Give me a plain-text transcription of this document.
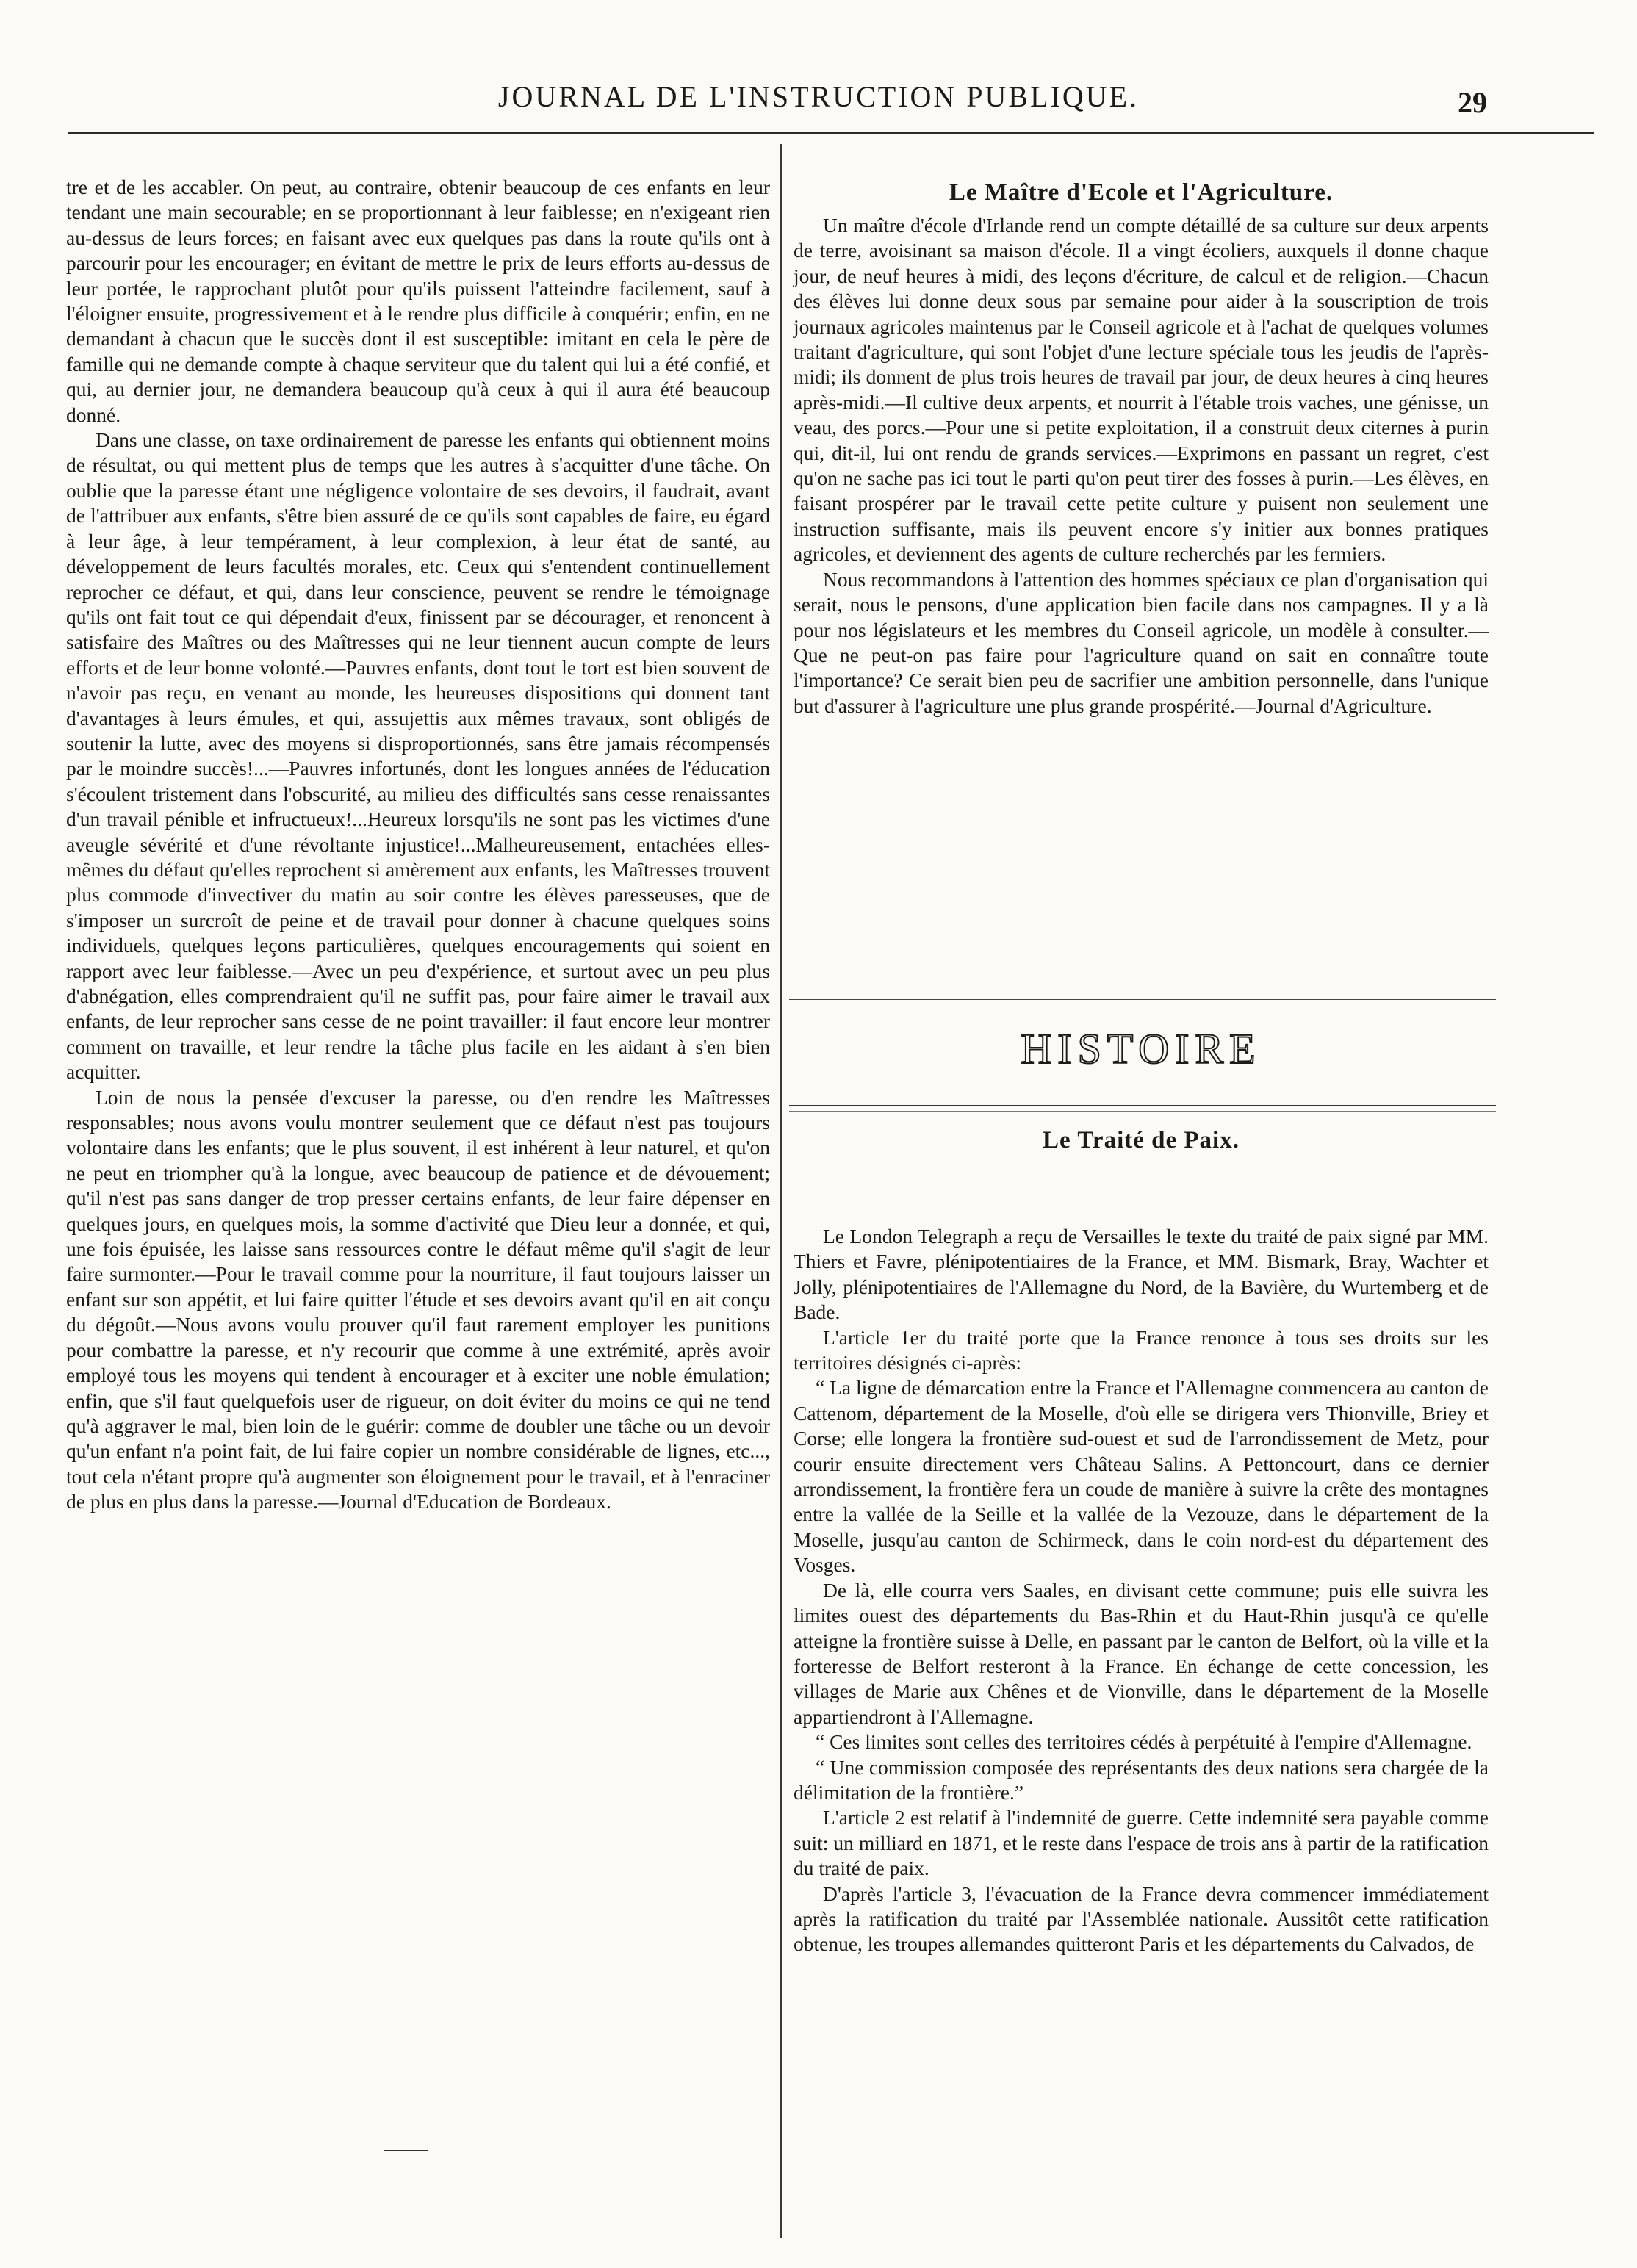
JOURNAL DE L'INSTRUCTION PUBLIQUE.	29

tre et de les accabler. On peut, au contraire, obtenir beaucoup de ces enfants en leur tendant une main secourable; en se proportionnant à leur faiblesse; en n'exigeant rien au-dessus de leurs forces; en faisant avec eux quelques pas dans la route qu'ils ont à parcourir pour les encourager; en évitant de mettre le prix de leurs efforts au-dessus de leur portée, le rapprochant plutôt pour qu'ils puissent l'atteindre facilement, sauf à l'éloigner ensuite, progressivement et à le rendre plus difficile à conquérir; enfin, en ne demandant à chacun que le succès dont il est susceptible: imitant en cela le père de famille qui ne demande compte à chaque serviteur que du talent qui lui a été confié, et qui, au dernier jour, ne demandera beaucoup qu'à ceux à qui il aura été beaucoup donné.

Dans une classe, on taxe ordinairement de paresse les enfants qui obtiennent moins de résultat, ou qui mettent plus de temps que les autres à s'acquitter d'une tâche. On oublie que la paresse étant une négligence volontaire de ses devoirs, il faudrait, avant de l'attribuer aux enfants, s'être bien assuré de ce qu'ils sont capables de faire, eu égard à leur âge, à leur tempérament, à leur complexion, à leur état de santé, au développement de leurs facultés morales, etc. Ceux qui s'entendent continuellement reprocher ce défaut, et qui, dans leur conscience, peuvent se rendre le témoignage qu'ils ont fait tout ce qui dépendait d'eux, finissent par se décourager, et renoncent à satisfaire des Maîtres ou des Maîtresses qui ne leur tiennent aucun compte de leurs efforts et de leur bonne volonté.—Pauvres enfants, dont tout le tort est bien souvent de n'avoir pas reçu, en venant au monde, les heureuses dispositions qui donnent tant d'avantages à leurs émules, et qui, assujettis aux mêmes travaux, sont obligés de soutenir la lutte, avec des moyens si disproportionnés, sans être jamais récompensés par le moindre succès!...—Pauvres infortunés, dont les longues années de l'éducation s'écoulent tristement dans l'obscurité, au milieu des difficultés sans cesse renaissantes d'un travail pénible et infructueux!...Heureux lorsqu'ils ne sont pas les victimes d'une aveugle sévérité et d'une révoltante injustice!...Malheureusement, entachées elles-mêmes du défaut qu'elles reprochent si amèrement aux enfants, les Maîtresses trouvent plus commode d'invectiver du matin au soir contre les élèves paresseuses, que de s'imposer un surcroît de peine et de travail pour donner à chacune quelques soins individuels, quelques leçons particulières, quelques encouragements qui soient en rapport avec leur faiblesse.—Avec un peu d'expérience, et surtout avec un peu plus d'abnégation, elles comprendraient qu'il ne suffit pas, pour faire aimer le travail aux enfants, de leur reprocher sans cesse de ne point travailler: il faut encore leur montrer comment on travaille, et leur rendre la tâche plus facile en les aidant à s'en bien acquitter.

Loin de nous la pensée d'excuser la paresse, ou d'en rendre les Maîtresses responsables; nous avons voulu montrer seulement que ce défaut n'est pas toujours volontaire dans les enfants; que le plus souvent, il est inhérent à leur naturel, et qu'on ne peut en triompher qu'à la longue, avec beaucoup de patience et de dévouement; qu'il n'est pas sans danger de trop presser certains enfants, de leur faire dépenser en quelques jours, en quelques mois, la somme d'activité que Dieu leur a donnée, et qui, une fois épuisée, les laisse sans ressources contre le défaut même qu'il s'agit de leur faire surmonter.—Pour le travail comme pour la nourriture, il faut toujours laisser un enfant sur son appétit, et lui faire quitter l'étude et ses devoirs avant qu'il en ait conçu du dégoût.—Nous avons voulu prouver qu'il faut rarement employer les punitions pour combattre la paresse, et n'y recourir que comme à une extrémité, après avoir employé tous les moyens qui tendent à encourager et à exciter une noble émulation; enfin, que s'il faut quelquefois user de rigueur, on doit éviter du moins ce qui ne tend qu'à aggraver le mal, bien loin de le guérir: comme de doubler une tâche ou un devoir qu'un enfant n'a point fait, de lui faire copier un nombre considérable de lignes, etc..., tout cela n'étant propre qu'à augmenter son éloignement pour le travail, et à l'enraciner de plus en plus dans la paresse.—Journal d'Education de Bordeaux.

Le Maître d'Ecole et l'Agriculture.

Un maître d'école d'Irlande rend un compte détaillé de sa culture sur deux arpents de terre, avoisinant sa maison d'école. Il a vingt écoliers, auxquels il donne chaque jour, de neuf heures à midi, des leçons d'écriture, de calcul et de religion.—Chacun des élèves lui donne deux sous par semaine pour aider à la souscription de trois journaux agricoles maintenus par le Conseil agricole et à l'achat de quelques volumes traitant d'agriculture, qui sont l'objet d'une lecture spéciale tous les jeudis de l'après-midi; ils donnent de plus trois heures de travail par jour, de deux heures à cinq heures après-midi.—Il cultive deux arpents, et nourrit à l'étable trois vaches, une génisse, un veau, des porcs.—Pour une si petite exploitation, il a construit deux citernes à purin qui, dit-il, lui ont rendu de grands services.—Exprimons en passant un regret, c'est qu'on ne sache pas ici tout le parti qu'on peut tirer des fosses à purin.—Les élèves, en faisant prospérer par le travail cette petite culture y puisent non seulement une instruction suffisante, mais ils peuvent encore s'y initier aux bonnes pratiques agricoles, et deviennent des agents de culture recherchés par les fermiers.

Nous recommandons à l'attention des hommes spéciaux ce plan d'organisation qui serait, nous le pensons, d'une application bien facile dans nos campagnes. Il y a là pour nos législateurs et les membres du Conseil agricole, un modèle à consulter.—Que ne peut-on pas faire pour l'agriculture quand on sait en connaître toute l'importance? Ce serait bien peu de sacrifier une ambition personnelle, dans l'unique but d'assurer à l'agriculture une plus grande prospérité.—Journal d'Agriculture.

HISTOIRE
Le Traité de Paix.

Le London Telegraph a reçu de Versailles le texte du traité de paix signé par MM. Thiers et Favre, plénipotentiaires de la France, et MM. Bismark, Bray, Wachter et Jolly, plénipotentiaires de l'Allemagne du Nord, de la Bavière, du Wurtemberg et de Bade.

L'article 1er du traité porte que la France renonce à tous ses droits sur les territoires désignés ci-après:

“ La ligne de démarcation entre la France et l'Allemagne commencera au canton de Cattenom, département de la Moselle, d'où elle se dirigera vers Thionville, Briey et Corse; elle longera la frontière sud-ouest et sud de l'arrondissement de Metz, pour courir ensuite directement vers Château Salins. A Pettoncourt, dans ce dernier arrondissement, la frontière fera un coude de manière à suivre la crête des montagnes entre la vallée de la Seille et la vallée de la Vezouze, dans le département de la Moselle, jusqu'au canton de Schirmeck, dans le coin nord-est du département des Vosges.

De là, elle courra vers Saales, en divisant cette commune; puis elle suivra les limites ouest des départements du Bas-Rhin et du Haut-Rhin jusqu'à ce qu'elle atteigne la frontière suisse à Delle, en passant par le canton de Belfort, où la ville et la forteresse de Belfort resteront à la France. En échange de cette concession, les villages de Marie aux Chênes et de Vionville, dans le département de la Moselle appartiendront à l'Allemagne.

“ Ces limites sont celles des territoires cédés à perpétuité à l'empire d'Allemagne.

“ Une commission composée des représentants des deux nations sera chargée de la délimitation de la frontière.”

L'article 2 est relatif à l'indemnité de guerre. Cette indemnité sera payable comme suit: un milliard en 1871, et le reste dans l'espace de trois ans à partir de la ratification du traité de paix.

D'après l'article 3, l'évacuation de la France devra commencer immédiatement après la ratification du traité par l'Assemblée nationale. Aussitôt cette ratification obtenue, les troupes allemandes quitteront Paris et les départements du Calvados, de
